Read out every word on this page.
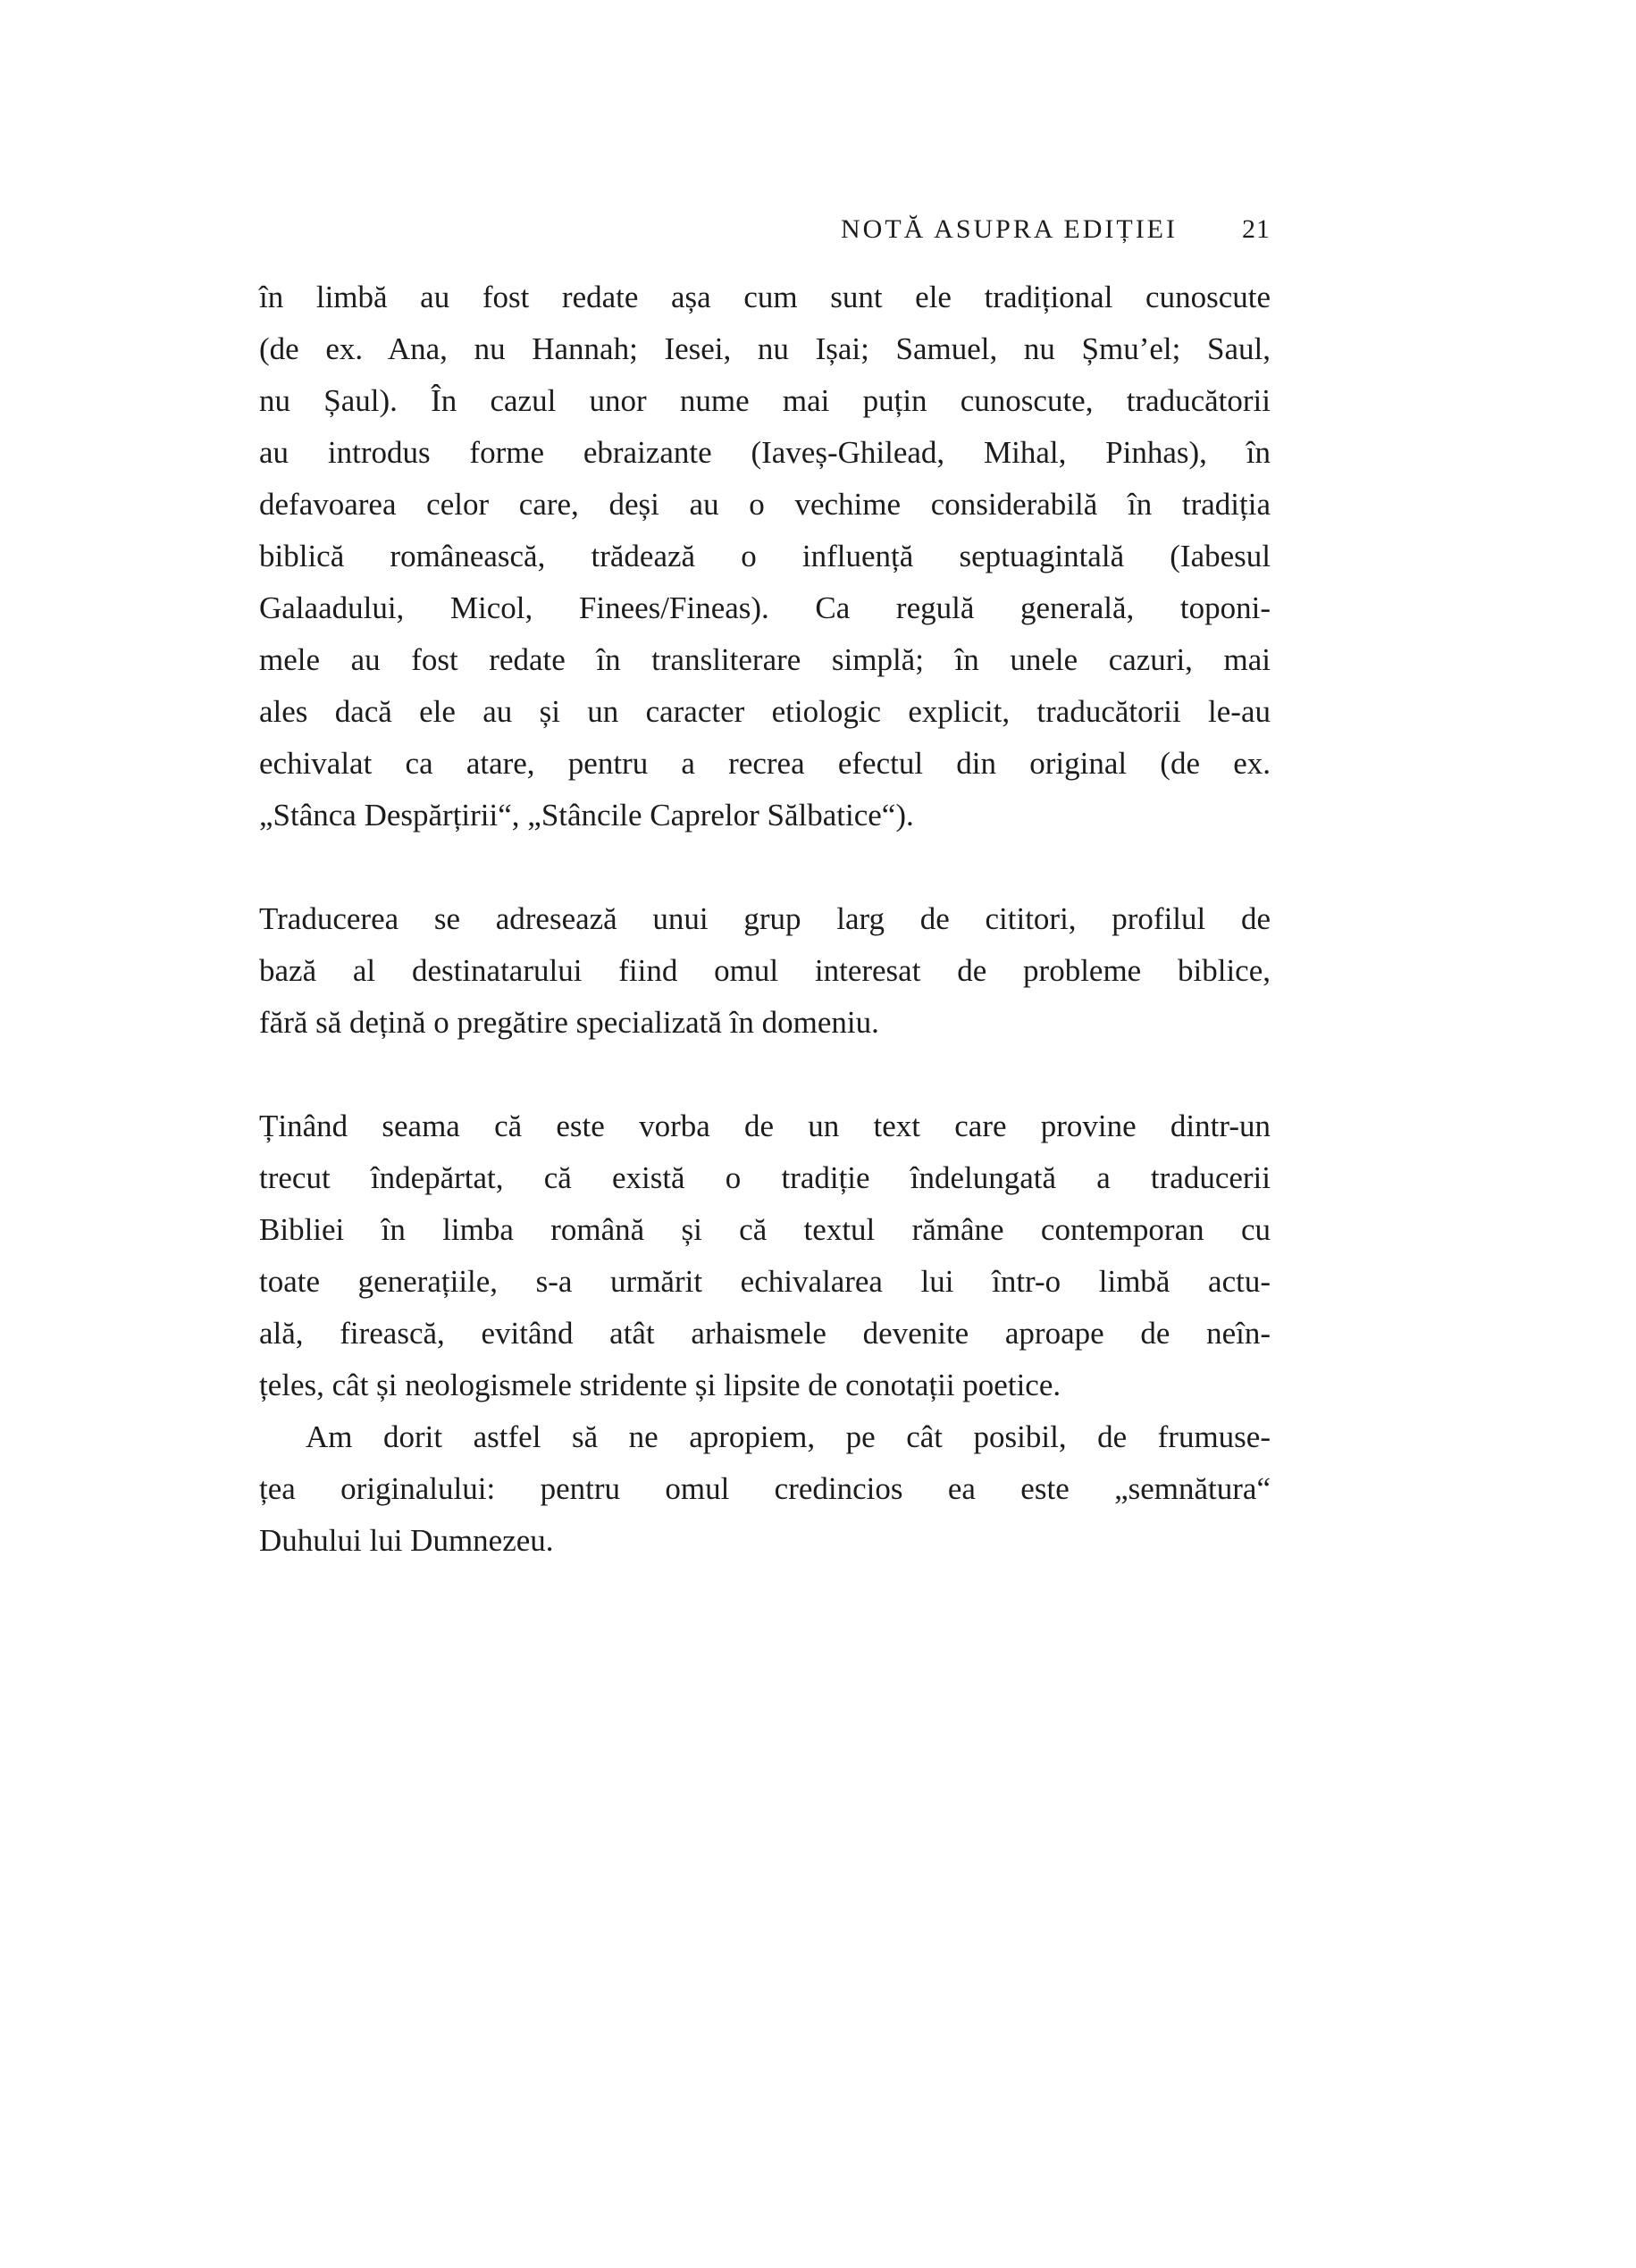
NOTĂ ASUPRA EDIȚIEI 21
în limbă au fost redate așa cum sunt ele tradițional cunoscute
(de ex. Ana, nu Hannah; Iesei, nu Ișai; Samuel, nu Șmu’el; Saul,
nu Șaul). În cazul unor nume mai puțin cunoscute, traducătorii
au introdus forme ebraizante (Iaveș-Ghilead, Mihal, Pinhas), în
defavoarea celor care, deși au o vechime considerabilă în tradiția
biblică românească, trădează o influență septuagintală (Iabesul
Galaadului, Micol, Finees/Fineas). Ca regulă generală, toponi-
mele au fost redate în transliterare simplă; în unele cazuri, mai
ales dacă ele au și un caracter etiologic explicit, traducătorii le-au
echivalat ca atare, pentru a recrea efectul din original (de ex.
„Stânca Despărțirii“, „Stâncile Caprelor Sălbatice“).
Traducerea se adresează unui grup larg de cititori, profilul de
bază al destinatarului fiind omul interesat de probleme biblice,
fără să dețină o pregătire specializată în domeniu.
Ținând seama că este vorba de un text care provine dintr-un
trecut îndepărtat, că există o tradiție îndelungată a traducerii
Bibliei în limba română și că textul rămâne contemporan cu
toate generațiile, s-a urmărit echivalarea lui într-o limbă actu-
ală, firească, evitând atât arhaismele devenite aproape de neîn-
țeles, cât și neologismele stridente și lipsite de conotații poetice.
Am dorit astfel să ne apropiem, pe cât posibil, de frumuse-
țea originalului: pentru omul credincios ea este „semnătura“
Duhului lui Dumnezeu.
